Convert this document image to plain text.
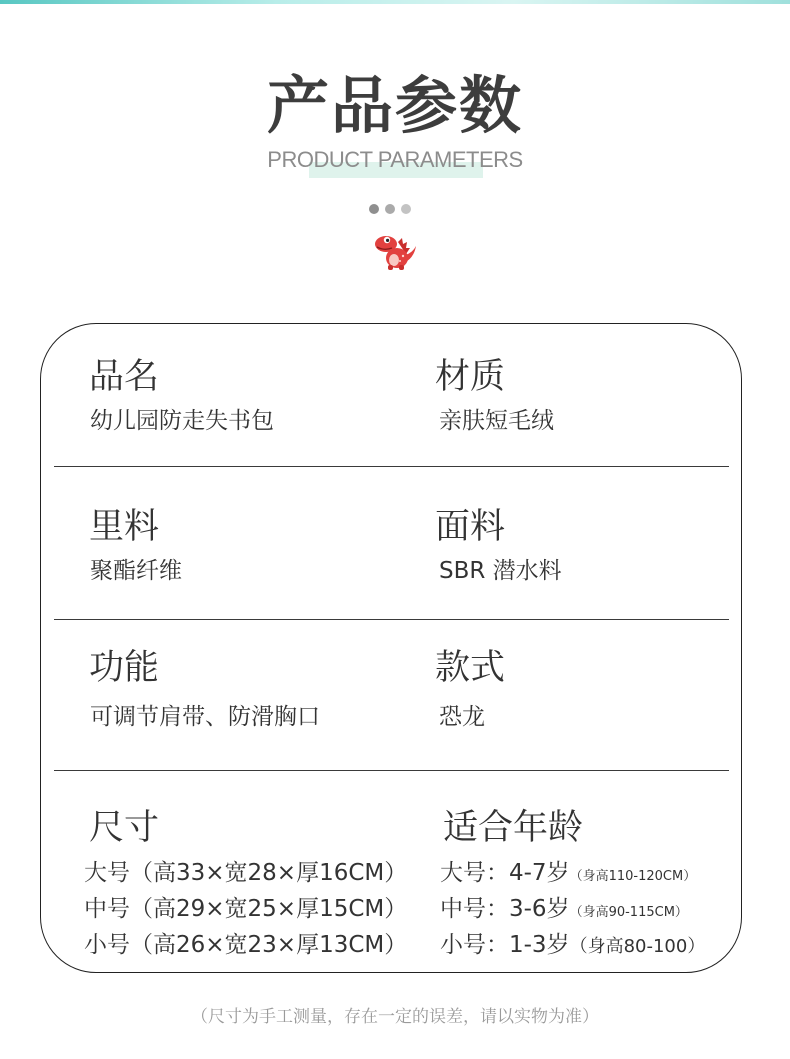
产品参数
PRODUCT PARAMETERS
品名
幼儿园防走失书包
材质
亲肤短毛绒
里料
聚酯纤维
面料
SBR 潜水料
功能
可调节肩带、防滑胸口
款式
恐龙
尺寸
大号（高33×宽28×厚16CM）
中号（高29×宽25×厚15CM）
小号（高26×宽23×厚13CM）
适合年龄
大号：4-7岁（身高110-120CM）
中号：3-6岁（身高90-115CM）
小号：1-3岁（身高80-100）
（尺寸为手工测量，存在一定的误差，请以实物为准）
